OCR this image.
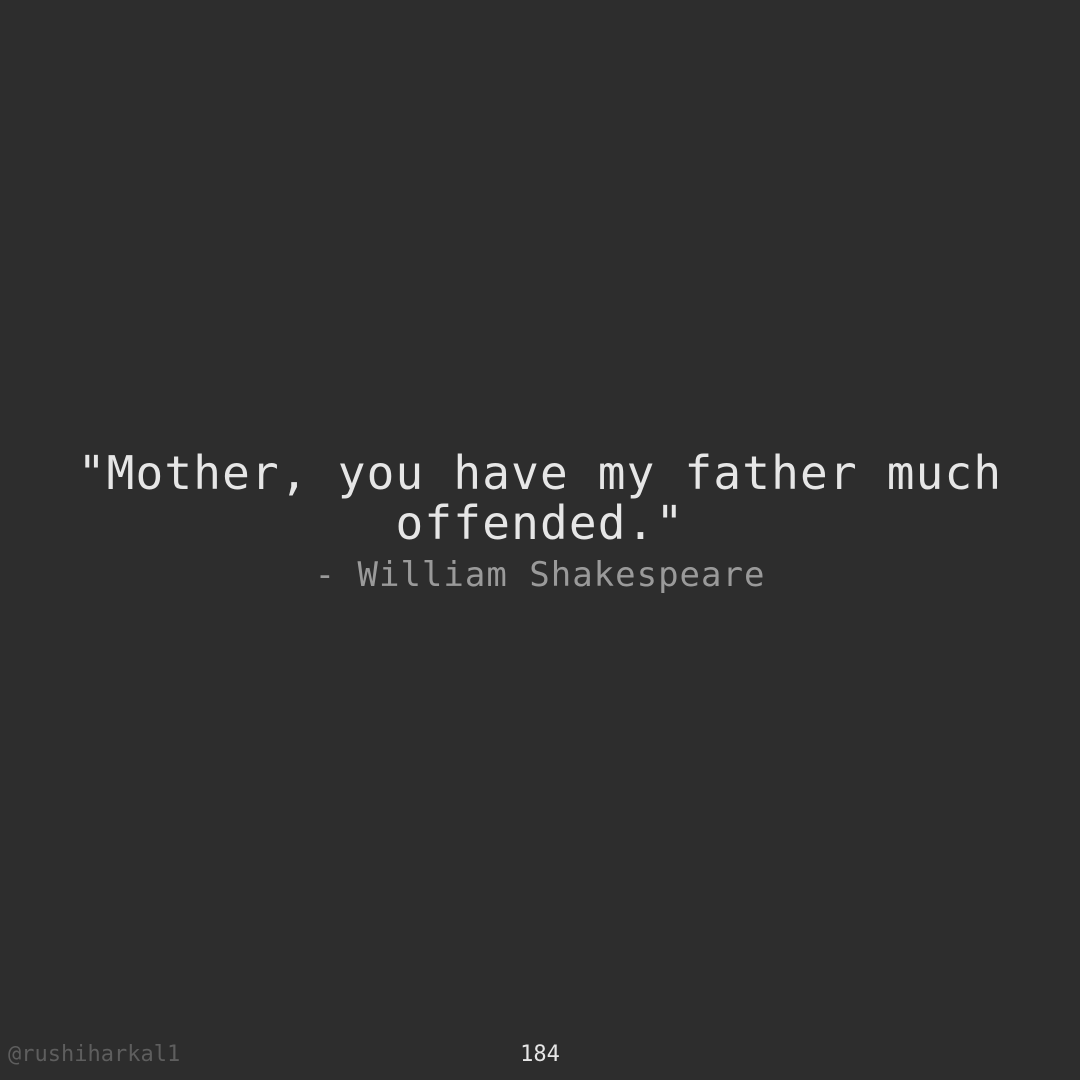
"Mother, you have my father much offended."
- William Shakespeare
@rushiharkal1	184
